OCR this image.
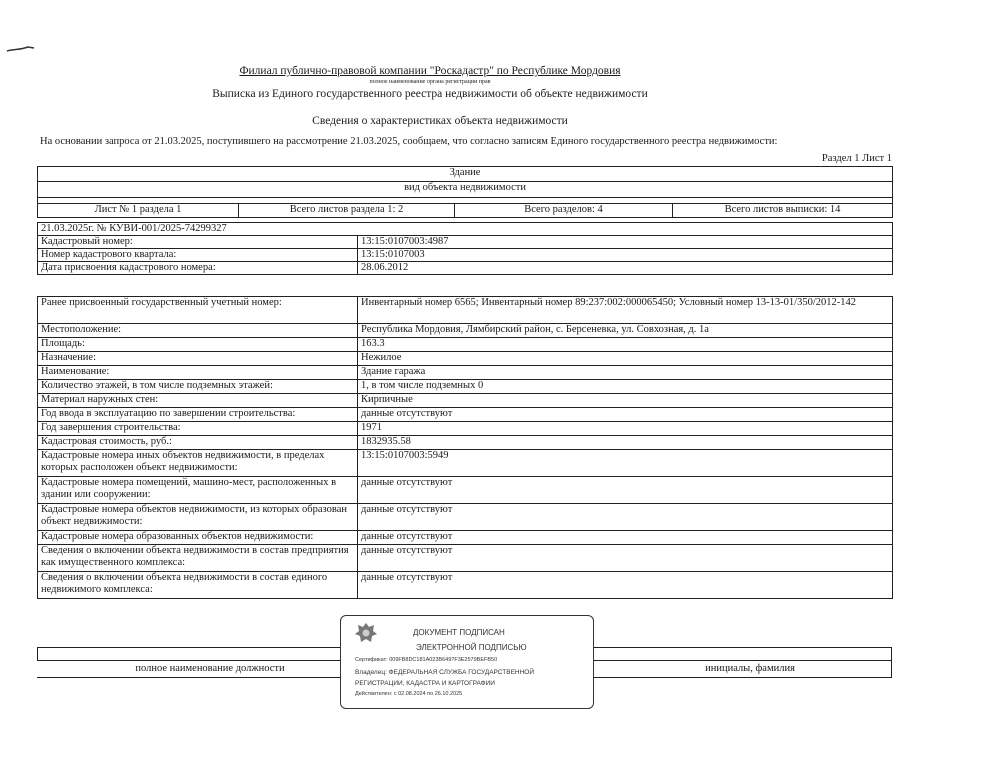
Филиал публично-правовой компании "Роскадастр" по Республике Мордовия
полное наименование органа регистрации прав
Выписка из Единого государственного реестра недвижимости об объекте недвижимости
Сведения о характеристиках объекта недвижимости
На основании запроса от 21.03.2025, поступившего на рассмотрение 21.03.2025, сообщаем, что согласно записям Единого государственного реестра недвижимости:
Раздел 1 Лист 1
Здание
вид объекта недвижимости

Лист № 1 раздела 1	Всего листов раздела 1: 2	Всего разделов: 4	Всего листов выписки: 14
21.03.2025г. № КУВИ-001/2025-74299327	
Кадастровый номер:	13:15:0107003:4987
Номер кадастрового квартала:	13:15:0107003
Дата присвоения кадастрового номера:	28.06.2012
Ранее присвоенный государственный учетный номер:	Инвентарный номер 6565; Инвентарный номер 89:237:002:000065450; Условный номер 13-13-01/350/2012-142
Местоположение:	Республика Мордовия, Лямбирский район, с. Берсеневка, ул. Совхозная, д. 1а
Площадь:	163.3
Назначение:	Нежилое
Наименование:	Здание гаража
Количество этажей, в том числе подземных этажей:	1, в том числе подземных 0
Материал наружных стен:	Кирпичные
Год ввода в эксплуатацию по завершении строительства:	данные отсутствуют
Год завершения строительства:	1971
Кадастровая стоимость, руб.:	1832935.58
Кадастровые номера иных объектов недвижимости, в пределах которых расположен объект недвижимости:	13:15:0107003:5949
Кадастровые номера помещений, машино-мест, расположенных в здании или сооружении:	данные отсутствуют
Кадастровые номера объектов недвижимости, из которых образован объект недвижимости:	данные отсутствуют
Кадастровые номера образованных объектов недвижимости:	данные отсутствуют
Сведения о включении объекта недвижимости в состав предприятия как имущественного комплекса:	данные отсутствуют
Сведения о включении объекта недвижимости в состав единого недвижимого комплекса:	данные отсутствуют
полное наименование должности	инициалы, фамилия
ДОКУМЕНТ ПОДПИСАН
ЭЛЕКТРОННОЙ ПОДПИСЬЮ
Сертификат: 009FB8DC181A023B649?F3E2579BEFB50
Владелец: ФЕДЕРАЛЬНАЯ СЛУЖБА ГОСУДАРСТВЕННОЙ
РЕГИСТРАЦИИ, КАДАСТРА И КАРТОГРАФИИ
Действителен: с 02.08.2024 по 26.10.2025
